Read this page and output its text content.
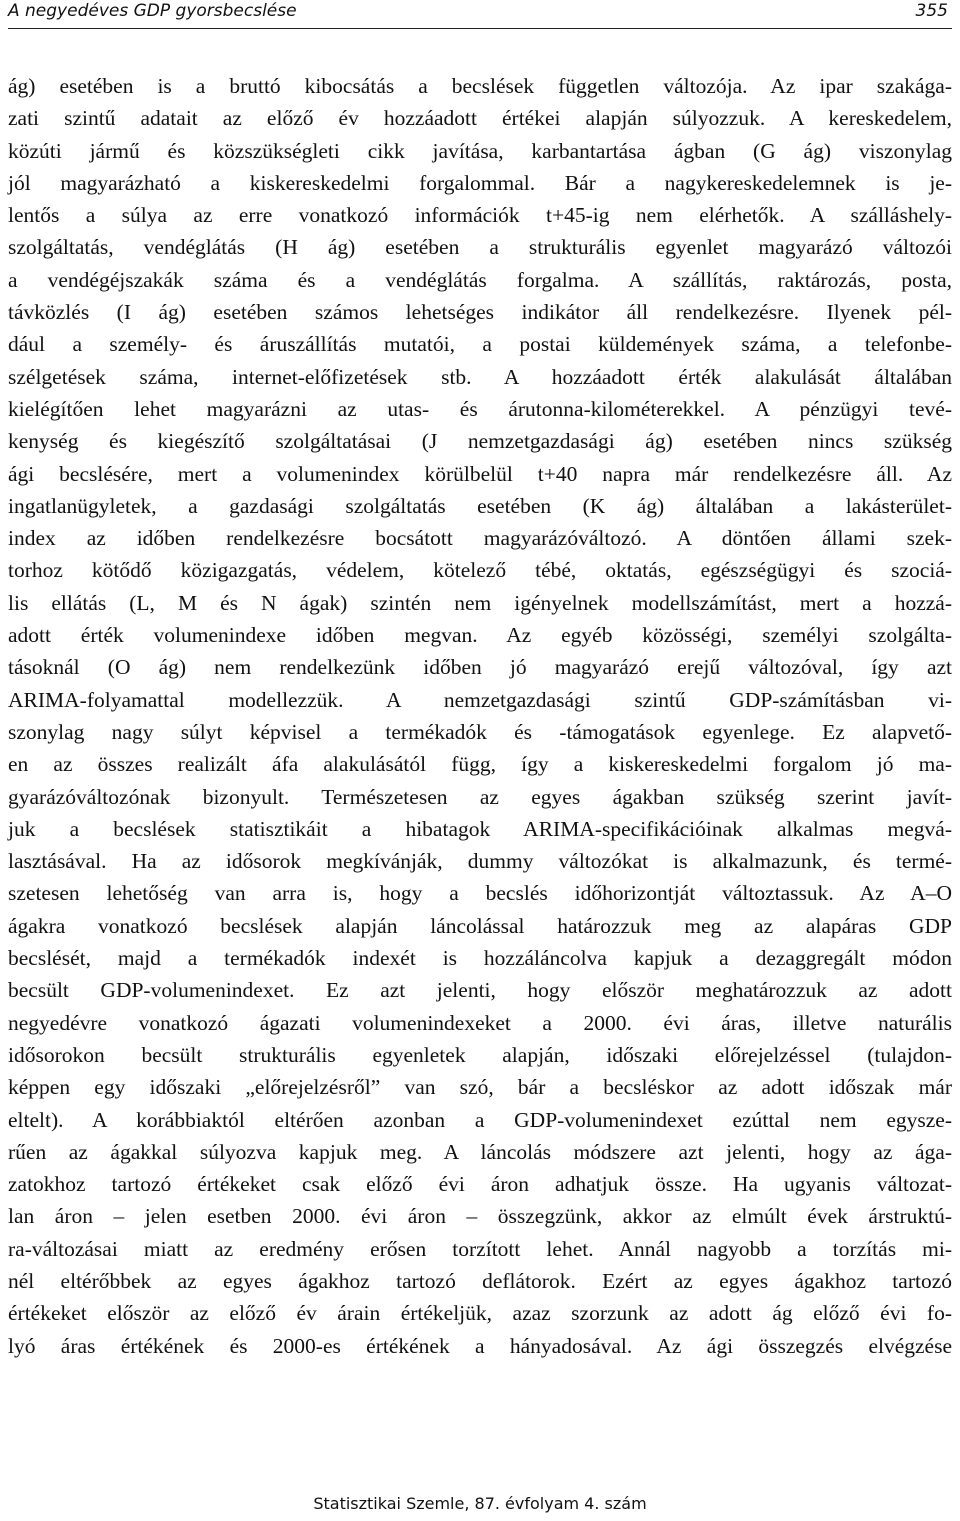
A negyedéves GDP gyorsbecslése	355
ág) esetében is a bruttó kibocsátás a becslések független változója. Az ipar szakága-
zati szintű adatait az előző év hozzáadott értékei alapján súlyozzuk. A kereskedelem,
közúti jármű és közszükségleti cikk javítása, karbantartása ágban (G ág) viszonylag
jól magyarázható a kiskereskedelmi forgalommal. Bár a nagykereskedelemnek is je-
lentős a súlya az erre vonatkozó információk t+45-ig nem elérhetők. A szálláshely-
szolgáltatás, vendéglátás (H ág) esetében a strukturális egyenlet magyarázó változói
a vendégéjszakák száma és a vendéglátás forgalma. A szállítás, raktározás, posta,
távközlés (I ág) esetében számos lehetséges indikátor áll rendelkezésre. Ilyenek pél-
dául a személy- és áruszállítás mutatói, a postai küldemények száma, a telefonbe-
szélgetések száma, internet-előfizetések stb. A hozzáadott érték alakulását általában
kielégítően lehet magyarázni az utas- és árutonna-kilométerekkel. A pénzügyi tevé-
kenység és kiegészítő szolgáltatásai (J nemzetgazdasági ág) esetében nincs szükség
ági becslésére, mert a volumenindex körülbelül t+40 napra már rendelkezésre áll. Az
ingatlanügyletek, a gazdasági szolgáltatás esetében (K ág) általában a lakásterület-
index az időben rendelkezésre bocsátott magyarázóváltozó. A döntően állami szek-
torhoz kötődő közigazgatás, védelem, kötelező tébé, oktatás, egészségügyi és szociá-
lis ellátás (L, M és N ágak) szintén nem igényelnek modellszámítást, mert a hozzá-
adott érték volumenindexe időben megvan. Az egyéb közösségi, személyi szolgálta-
tásoknál (O ág) nem rendelkezünk időben jó magyarázó erejű változóval, így azt
ARIMA-folyamattal modellezzük. A nemzetgazdasági szintű GDP-számításban vi-
szonylag nagy súlyt képvisel a termékadók és -támogatások egyenlege. Ez alapvető-
en az összes realizált áfa alakulásától függ, így a kiskereskedelmi forgalom jó ma-
gyarázóváltozónak bizonyult. Természetesen az egyes ágakban szükség szerint javít-
juk a becslések statisztikáit a hibatagok ARIMA-specifikációinak alkalmas megvá-
lasztásával. Ha az idősorok megkívánják, dummy változókat is alkalmazunk, és termé-
szetesen lehetőség van arra is, hogy a becslés időhorizontját változtassuk. Az A–O
ágakra vonatkozó becslések alapján láncolással határozzuk meg az alapáras GDP
becslését, majd a termékadók indexét is hozzáláncolva kapjuk a dezaggregált módon
becsült GDP-volumenindexet. Ez azt jelenti, hogy először meghatározzuk az adott
negyedévre vonatkozó ágazati volumenindexeket a 2000. évi áras, illetve naturális
idősorokon becsült strukturális egyenletek alapján, időszaki előrejelzéssel (tulajdon-
képpen egy időszaki „előrejelzésről” van szó, bár a becsléskor az adott időszak már
eltelt). A korábbiaktól eltérően azonban a GDP-volumenindexet ezúttal nem egysze-
rűen az ágakkal súlyozva kapjuk meg. A láncolás módszere azt jelenti, hogy az ága-
zatokhoz tartozó értékeket csak előző évi áron adhatjuk össze. Ha ugyanis változat-
lan áron – jelen esetben 2000. évi áron – összegzünk, akkor az elmúlt évek árstruktú-
ra-változásai miatt az eredmény erősen torzított lehet. Annál nagyobb a torzítás mi-
nél eltérőbbek az egyes ágakhoz tartozó deflátorok. Ezért az egyes ágakhoz tartozó
értékeket először az előző év árain értékeljük, azaz szorzunk az adott ág előző évi fo-
lyó áras értékének és 2000-es értékének a hányadosával. Az ági összegzés elvégzése
Statisztikai Szemle, 87. évfolyam 4. szám
